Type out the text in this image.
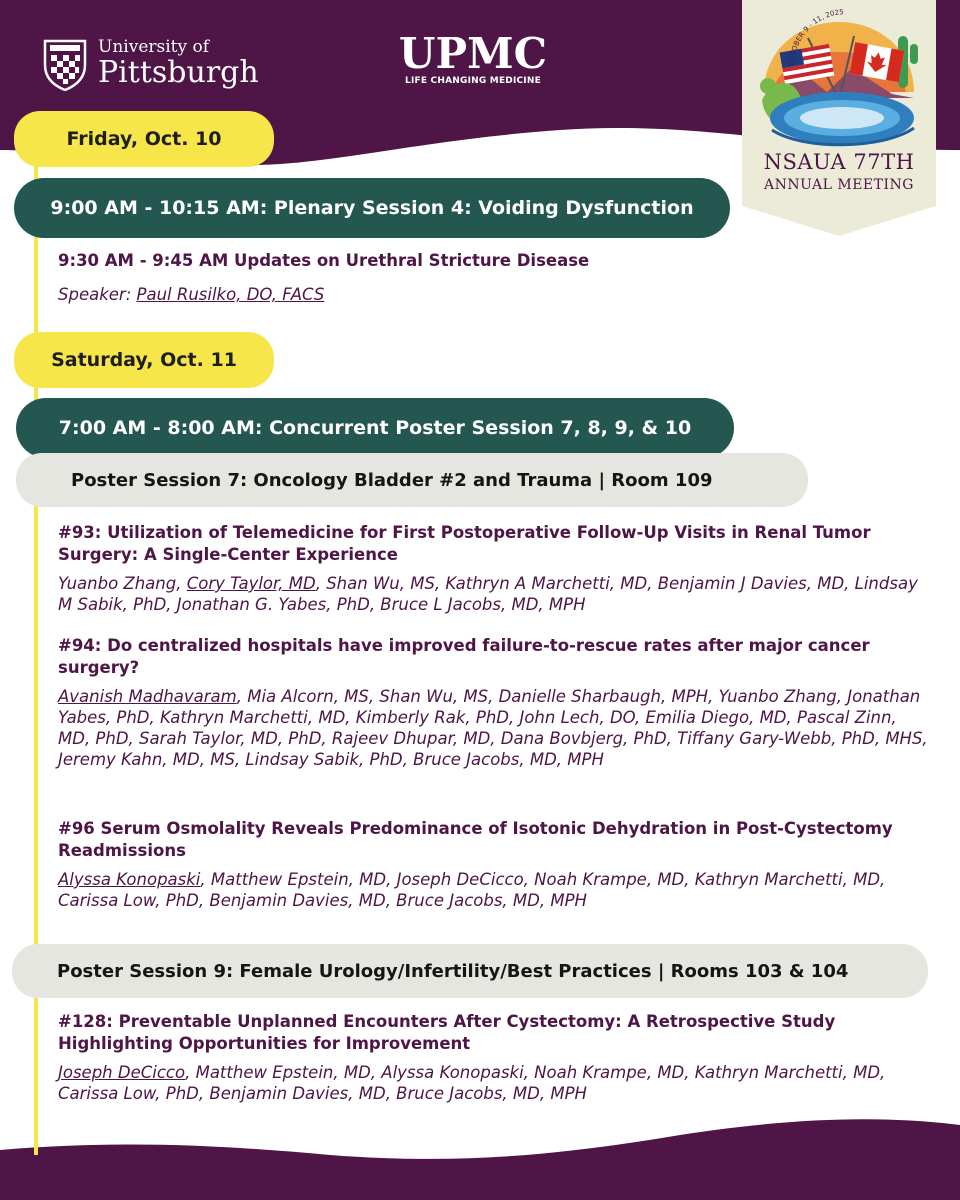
University of
Pittsburgh	UPMC
LIFE CHANGING MEDICINE
OCTOBER 9 - 11, 2025
NSAUA 77TH
ANNUAL MEETING
Friday, Oct. 10
9:00 AM - 10:15 AM: Plenary Session 4: Voiding Dysfunction
9:30 AM - 9:45 AM Updates on Urethral Stricture Disease
Speaker: Paul Rusilko, DO, FACS
Saturday, Oct. 11
7:00 AM - 8:00 AM: Concurrent Poster Session 7, 8, 9, & 10
Poster Session 7: Oncology Bladder #2 and Trauma | Room 109
#93: Utilization of Telemedicine for First Postoperative Follow-Up Visits in Renal Tumor Surgery: A Single-Center Experience
Yuanbo Zhang, Cory Taylor, MD, Shan Wu, MS, Kathryn A Marchetti, MD, Benjamin J Davies, MD, Lindsay M Sabik, PhD, Jonathan G. Yabes, PhD, Bruce L Jacobs, MD, MPH
#94: Do centralized hospitals have improved failure-to-rescue rates after major cancer surgery?
Avanish Madhavaram, Mia Alcorn, MS, Shan Wu, MS, Danielle Sharbaugh, MPH, Yuanbo Zhang, Jonathan Yabes, PhD, Kathryn Marchetti, MD, Kimberly Rak, PhD, John Lech, DO, Emilia Diego, MD, Pascal Zinn, MD, PhD, Sarah Taylor, MD, PhD, Rajeev Dhupar, MD, Dana Bovbjerg, PhD, Tiffany Gary-Webb, PhD, MHS, Jeremy Kahn, MD, MS, Lindsay Sabik, PhD, Bruce Jacobs, MD, MPH
#96 Serum Osmolality Reveals Predominance of Isotonic Dehydration in Post-Cystectomy Readmissions
Alyssa Konopaski, Matthew Epstein, MD, Joseph DeCicco, Noah Krampe, MD, Kathryn Marchetti, MD, Carissa Low, PhD, Benjamin Davies, MD, Bruce Jacobs, MD, MPH
Poster Session 9: Female Urology/Infertility/Best Practices | Rooms 103 & 104
#128: Preventable Unplanned Encounters After Cystectomy: A Retrospective Study Highlighting Opportunities for Improvement
Joseph DeCicco, Matthew Epstein, MD, Alyssa Konopaski, Noah Krampe, MD, Kathryn Marchetti, MD, Carissa Low, PhD, Benjamin Davies, MD, Bruce Jacobs, MD, MPH
